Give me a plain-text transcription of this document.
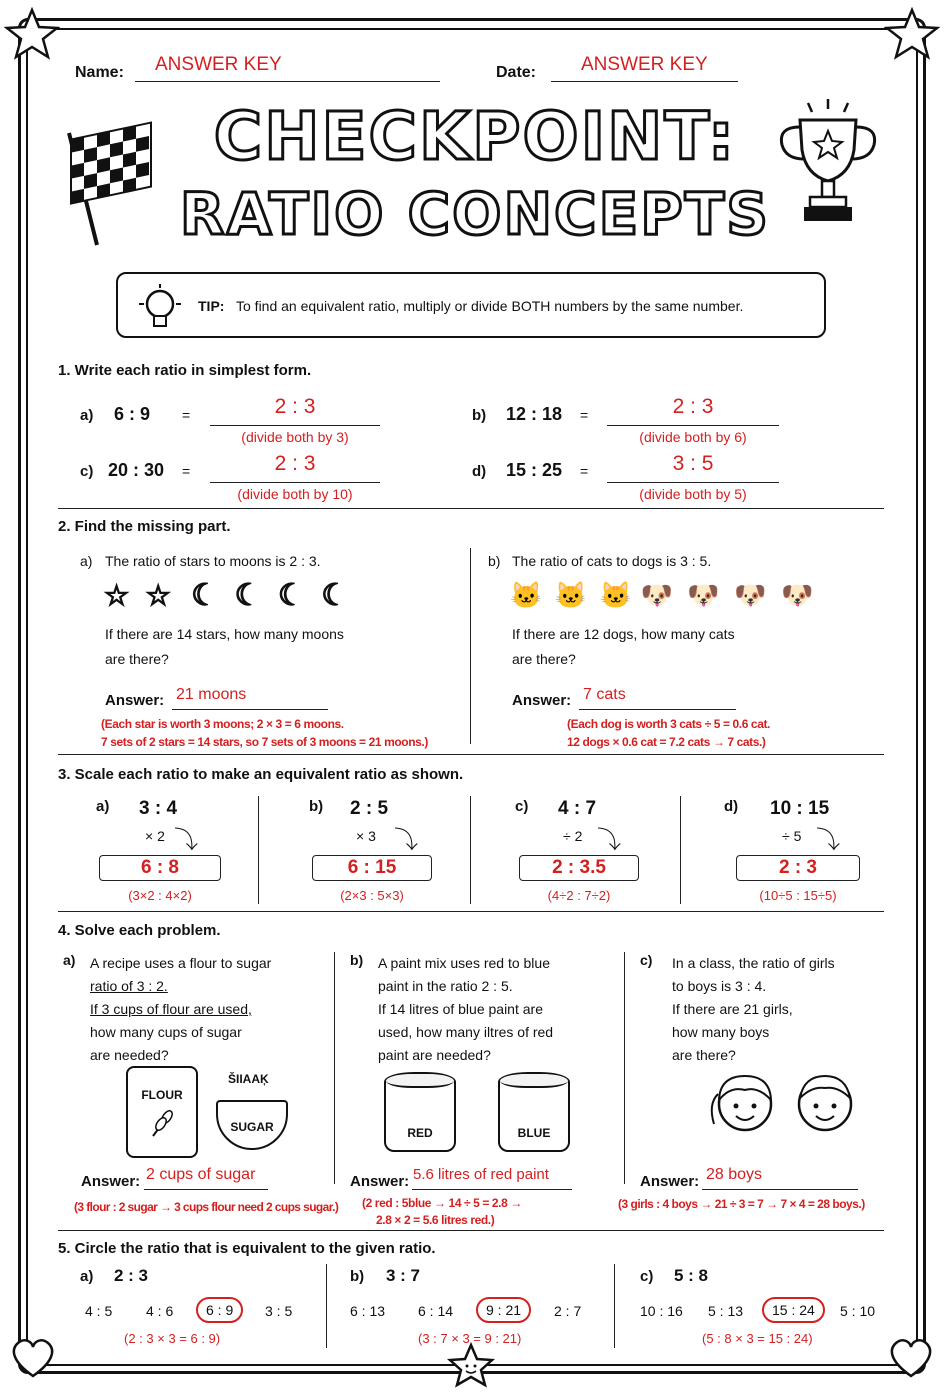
Name: ANSWER KEY	Date: ANSWER KEY
CHECKPOINT:
RATIO CONCEPTS
TIP: To find an equivalent ratio, multiply or divide BOTH numbers by the same number.
1. Write each ratio in simplest form.
a) 6 : 9 =	2 : 3
(divide both by 3)
b) 12 : 18 =	2 : 3
(divide both by 6)
c) 20 : 30 =	2 : 3
(divide both by 10)
d) 15 : 25 =	3 : 5
(divide both by 5)
2. Find the missing part.
a) The ratio of stars to moons is 2 : 3.
☆ ☆ ☾ ☾ ☾ ☾
If there are 14 stars, how many moons
are there?
Answer: 21 moons
(Each star is worth 3 moons; 2 × 3 = 6 moons.
7 sets of 2 stars = 14 stars, so 7 sets of 3 moons = 21 moons.)
b) The ratio of cats to dogs is 3 : 5.
🐱 🐱 🐱 🐶 🐶 🐶 🐶
If there are 12 dogs, how many cats
are there?
Answer: 7 cats
(Each dog is worth 3 cats ÷ 5 = 0.6 cat.
12 dogs × 0.6 cat = 7.2 cats → 7 cats.)
3. Scale each ratio to make an equivalent ratio as shown.
a) 3 : 4
× 2 ⤵
6 : 8
(3×2 : 4×2)
b) 2 : 5
× 3 ⤵
6 : 15
(2×3 : 5×3)
c) 4 : 7
÷ 2 ⤵
2 : 3.5
(4÷2 : 7÷2)
d) 10 : 15
÷ 5 ⤵
2 : 3
(10÷5 : 15÷5)
4. Solve each problem.
a) A recipe uses a flour to sugar
ratio of 3 : 2.
If 3 cups of flour are used,
how many cups of sugar
are needed?
FLOUR
ŠIIAAĶ
SUGAR
Answer: 2 cups of sugar
(3 flour : 2 sugar → 3 cups flour need 2 cups sugar.)
b) A paint mix uses red to blue
paint in the ratio 2 : 5.
If 14 litres of blue paint are
used, how many iltres of red
paint are needed?
RED	BLUE
Answer: 5.6 litres of red paint
(2 red : 5blue → 14 ÷ 5 = 2.8 →
2.8 × 2 = 5.6 litres red.)
c) In a class, the ratio of girls
to boys is 3 : 4.
If there are 21 girls,
how many boys
are there?
Answer: 28 boys
(3 girls : 4 boys → 21 ÷ 3 = 7 → 7 × 4 = 28 boys.)
5. Circle the ratio that is equivalent to the given ratio.
a) 2 : 3
4 : 5 4 : 6	6 : 9	3 : 5
(2 : 3 × 3 = 6 : 9)
b) 3 : 7
6 : 13 6 : 14	9 : 21	2 : 7
(3 : 7 × 3 = 9 : 21)
c) 5 : 8
10 : 16 5 : 13	15 : 24	5 : 10
(5 : 8 × 3 = 15 : 24)
